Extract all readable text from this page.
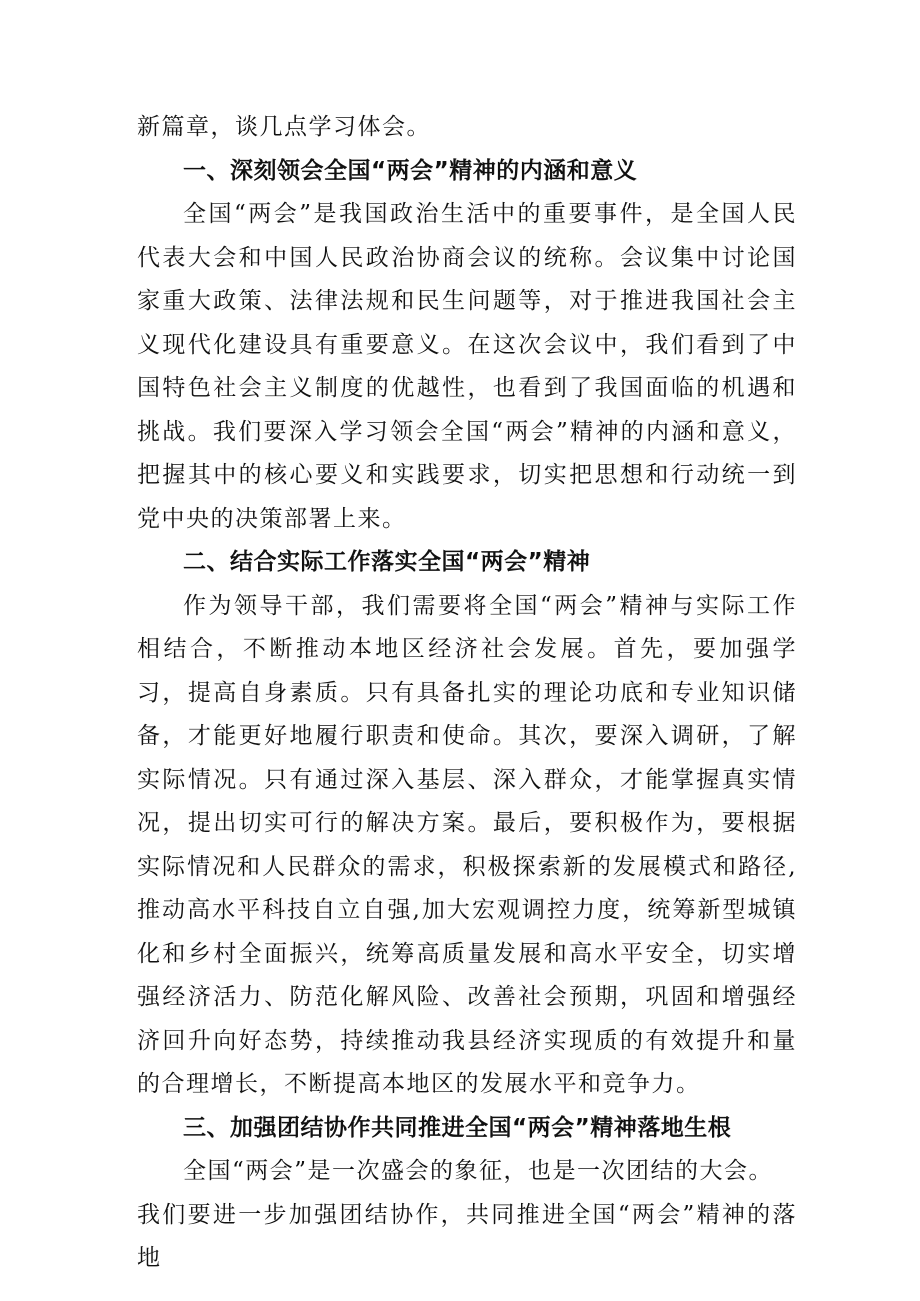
新篇章，谈几点学习体会。

一、深刻领会全国“两会”精神的内涵和意义

全国“两会”是我国政治生活中的重要事件，是全国人民代表大会和中国人民政治协商会议的统称。会议集中讨论国家重大政策、法律法规和民生问题等，对于推进我国社会主义现代化建设具有重要意义。在这次会议中，我们看到了中国特色社会主义制度的优越性，也看到了我国面临的机遇和挑战。我们要深入学习领会全国“两会”精神的内涵和意义，把握其中的核心要义和实践要求，切实把思想和行动统一到党中央的决策部署上来。

二、结合实际工作落实全国“两会”精神

作为领导干部，我们需要将全国“两会”精神与实际工作相结合，不断推动本地区经济社会发展。首先，要加强学习，提高自身素质。只有具备扎实的理论功底和专业知识储备，才能更好地履行职责和使命。其次，要深入调研，了解实际情况。只有通过深入基层、深入群众，才能掌握真实情况，提出切实可行的解决方案。最后，要积极作为，要根据实际情况和人民群众的需求，积极探索新的发展模式和路径,推动高水平科技自立自强,加大宏观调控力度，统筹新型城镇化和乡村全面振兴，统筹高质量发展和高水平安全，切实增强经济活力、防范化解风险、改善社会预期，巩固和增强经济回升向好态势，持续推动我县经济实现质的有效提升和量的合理增长，不断提高本地区的发展水平和竞争力。

三、加强团结协作共同推进全国“两会”精神落地生根

全国“两会”是一次盛会的象征，也是一次团结的大会。

我们要进一步加强团结协作，共同推进全国“两会”精神的落地
